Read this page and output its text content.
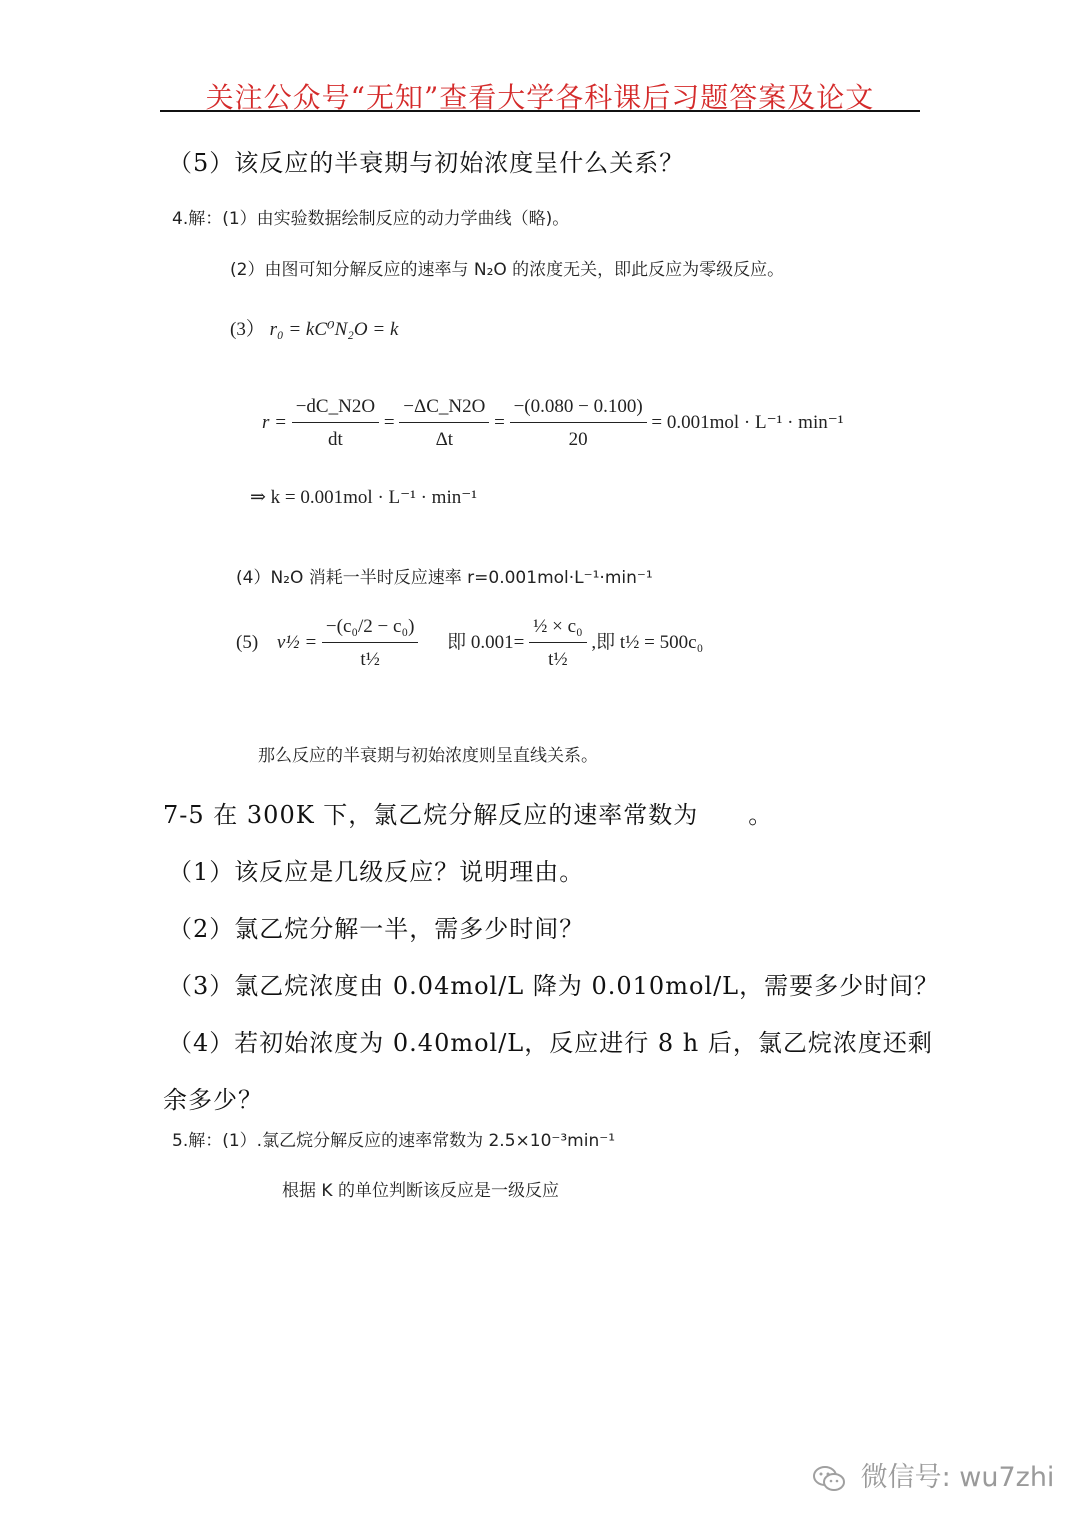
关注公众号“无知”查看大学各科课后习题答案及论文
（5）该反应的半衰期与初始浓度呈什么关系？
4.解：(1）由实验数据绘制反应的动力学曲线（略)。
(2）由图可知分解反应的速率与 N₂O 的浓度无关，即此反应为零级反应。
(3） r₀ = kC⁰N₂O = k
$r = \frac{-dC\_N2O}{dt} = \frac{-\Delta C\_N2O}{\Delta t} = \frac{-(0.080 - 0.100)}{20} = 0.001mol \cdot L^{-1} \cdot \min^{-1}$
⇒ k = 0.001mol · L⁻¹ · min⁻¹
(4）N₂O 消耗一半时反应速率 r=0.001mol·L⁻¹·min⁻¹
(5) v½ = $\frac{\text{−(c₀/2 − c₀)}}{\text{t½}}$ 即 $0.001= \frac{\text{½ × c₀}}{\text{t½}}$ ,即 t½ = 500c₀
那么反应的半衰期与初始浓度则呈直线关系。
7-5 在 300K 下，氯乙烷分解反应的速率常数为　　。
（1）该反应是几级反应？说明理由。
（2）氯乙烷分解一半，需多少时间？
（3）氯乙烷浓度由 0.04mol/L 降为 0.010mol/L，需要多少时间？
（4）若初始浓度为 0.40mol/L，反应进行 8 h 后，氯乙烷浓度还剩
余多少？
5.解：(1）.氯乙烷分解反应的速率常数为 2.5×10⁻³min⁻¹
根据 K 的单位判断该反应是一级反应
微信号: wu7zhi
